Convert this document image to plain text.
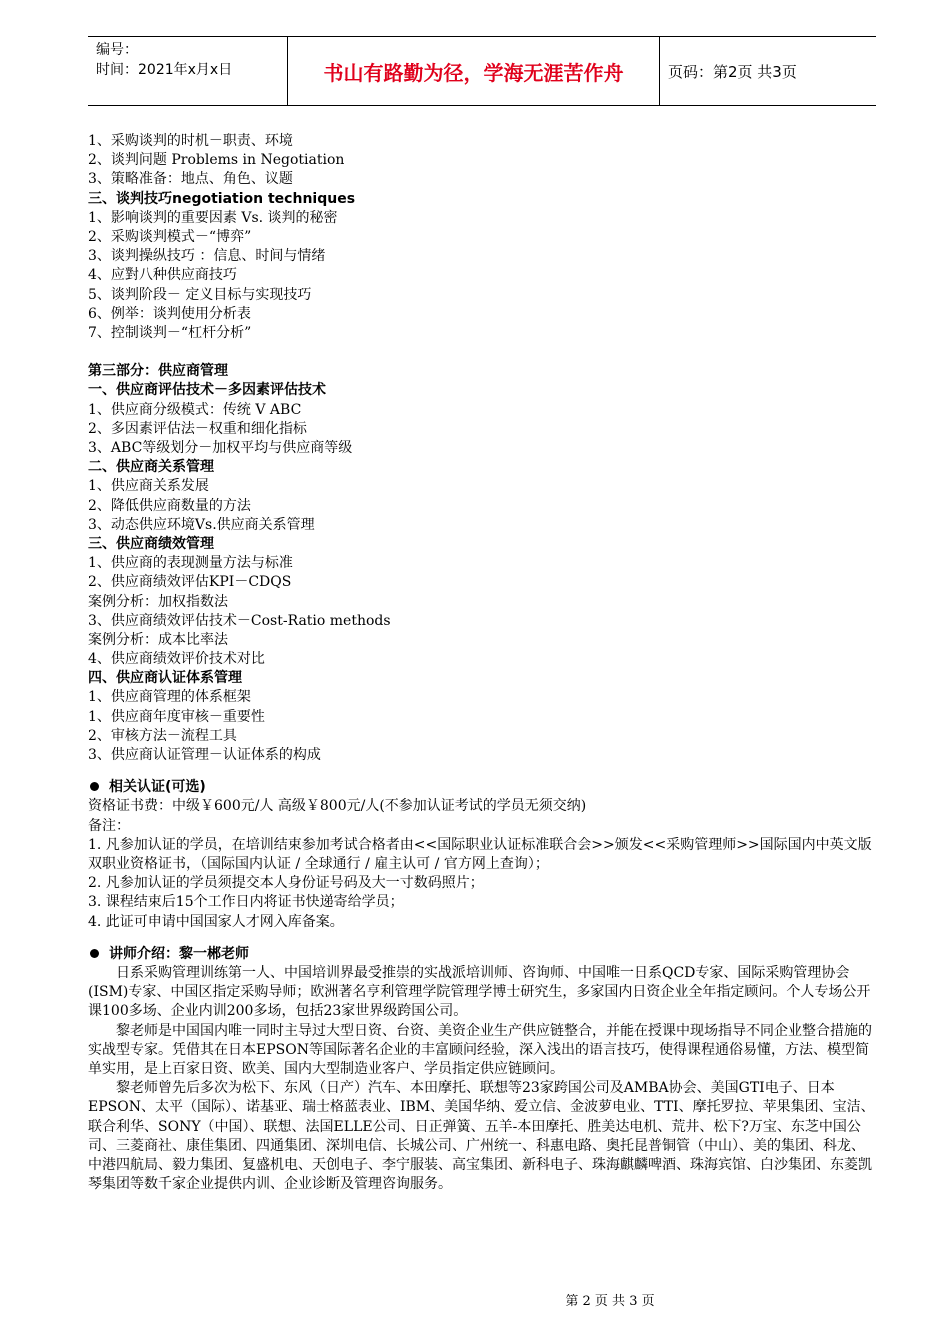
编号：
时间：2021年x月x日	书山有路勤为径，学海无涯苦作舟	页码：第2页 共3页
1、采购谈判的时机－职责、环境
2、谈判问题 Problems in Negotiation
3、策略准备：地点、角色、议题
三、谈判技巧negotiation techniques
1、影响谈判的重要因素 Vs. 谈判的秘密
2、采购谈判模式－“博弈”
3、谈判操纵技巧 ：信息、时间与情绪
4、应對八种供应商技巧
5、谈判阶段－ 定义目标与实现技巧
6、例举：谈判使用分析表
7、控制谈判－“杠杆分析”
第三部分：供应商管理
一、供应商评估技术－多因素评估技术
1、供应商分级模式：传统 V ABC
2、多因素评估法－权重和细化指标
3、ABC等级划分－加权平均与供应商等级
二、供应商关系管理
1、供应商关系发展
2、降低供应商数量的方法
3、动态供应环境Vs.供应商关系管理
三、供应商绩效管理
1、供应商的表现测量方法与标准
2、供应商绩效评估KPI－CDQS
案例分析：加权指数法
3、供应商绩效评估技术－Cost-Ratio methods
案例分析：成本比率法
4、供应商绩效评价技术对比
四、供应商认证体系管理
1、供应商管理的体系框架
1、供应商年度审核－重要性
2、审核方法－流程工具
3、供应商认证管理－认证体系的构成
相关认证(可选)
资格证书费：中级￥600元/人 高级￥800元/人(不参加认证考试的学员无须交纳)
备注：
1. 凡参加认证的学员，在培训结束参加考试合格者由<<国际职业认证标准联合会>>颁发<<采购管理师>>国际国内中英文版双职业资格证书，（国际国内认证 / 全球通行 / 雇主认可 / 官方网上查询）；
2. 凡参加认证的学员须提交本人身份证号码及大一寸数码照片；
3. 课程结束后15个工作日内将证书快递寄给学员；
4. 此证可申请中国国家人才网入库备案。
讲师介绍：黎一郴老师
日系采购管理训练第一人、中国培训界最受推崇的实战派培训师、咨询师、中国唯一日系QCD专家、国际采购管理协会(ISM)专家、中国区指定采购导师；欧洲著名亨利管理学院管理学博士研究生，多家国内日资企业全年指定顾问。个人专场公开课100多场、企业内训200多场，包括23家世界级跨国公司。
黎老师是中国国内唯一同时主导过大型日资、台资、美资企业生产供应链整合，并能在授课中现场指导不同企业整合措施的实战型专家。凭借其在日本EPSON等国际著名企业的丰富顾问经验，深入浅出的语言技巧，使得课程通俗易懂，方法、模型简单实用，是上百家日资、欧美、国内大型制造业客户、学员指定供应链顾问。
黎老师曾先后多次为松下、东风（日产）汽车、本田摩托、联想等23家跨国公司及AMBA协会、美国GTI电子、日本EPSON、太平（国际）、诺基亚、瑞士格蓝表业、IBM、美国华纳、爱立信、金波萝电业、TTI、摩托罗拉、苹果集团、宝洁、联合利华、SONY（中国）、联想、法国ELLE公司、日正弹簧、五羊-本田摩托、胜美达电机、荒井、松下?万宝、东芝中国公司、三菱商社、康佳集团、四通集团、深圳电信、长城公司、广州统一、科惠电路、奥托昆普铜管（中山）、美的集团、科龙、中港四航局、毅力集团、复盛机电、天创电子、李宁服装、高宝集团、新科电子、珠海麒麟啤酒、珠海宾馆、白沙集团、东菱凯琴集团等数千家企业提供内训、企业诊断及管理咨询服务。
第 2 页 共 3 页
